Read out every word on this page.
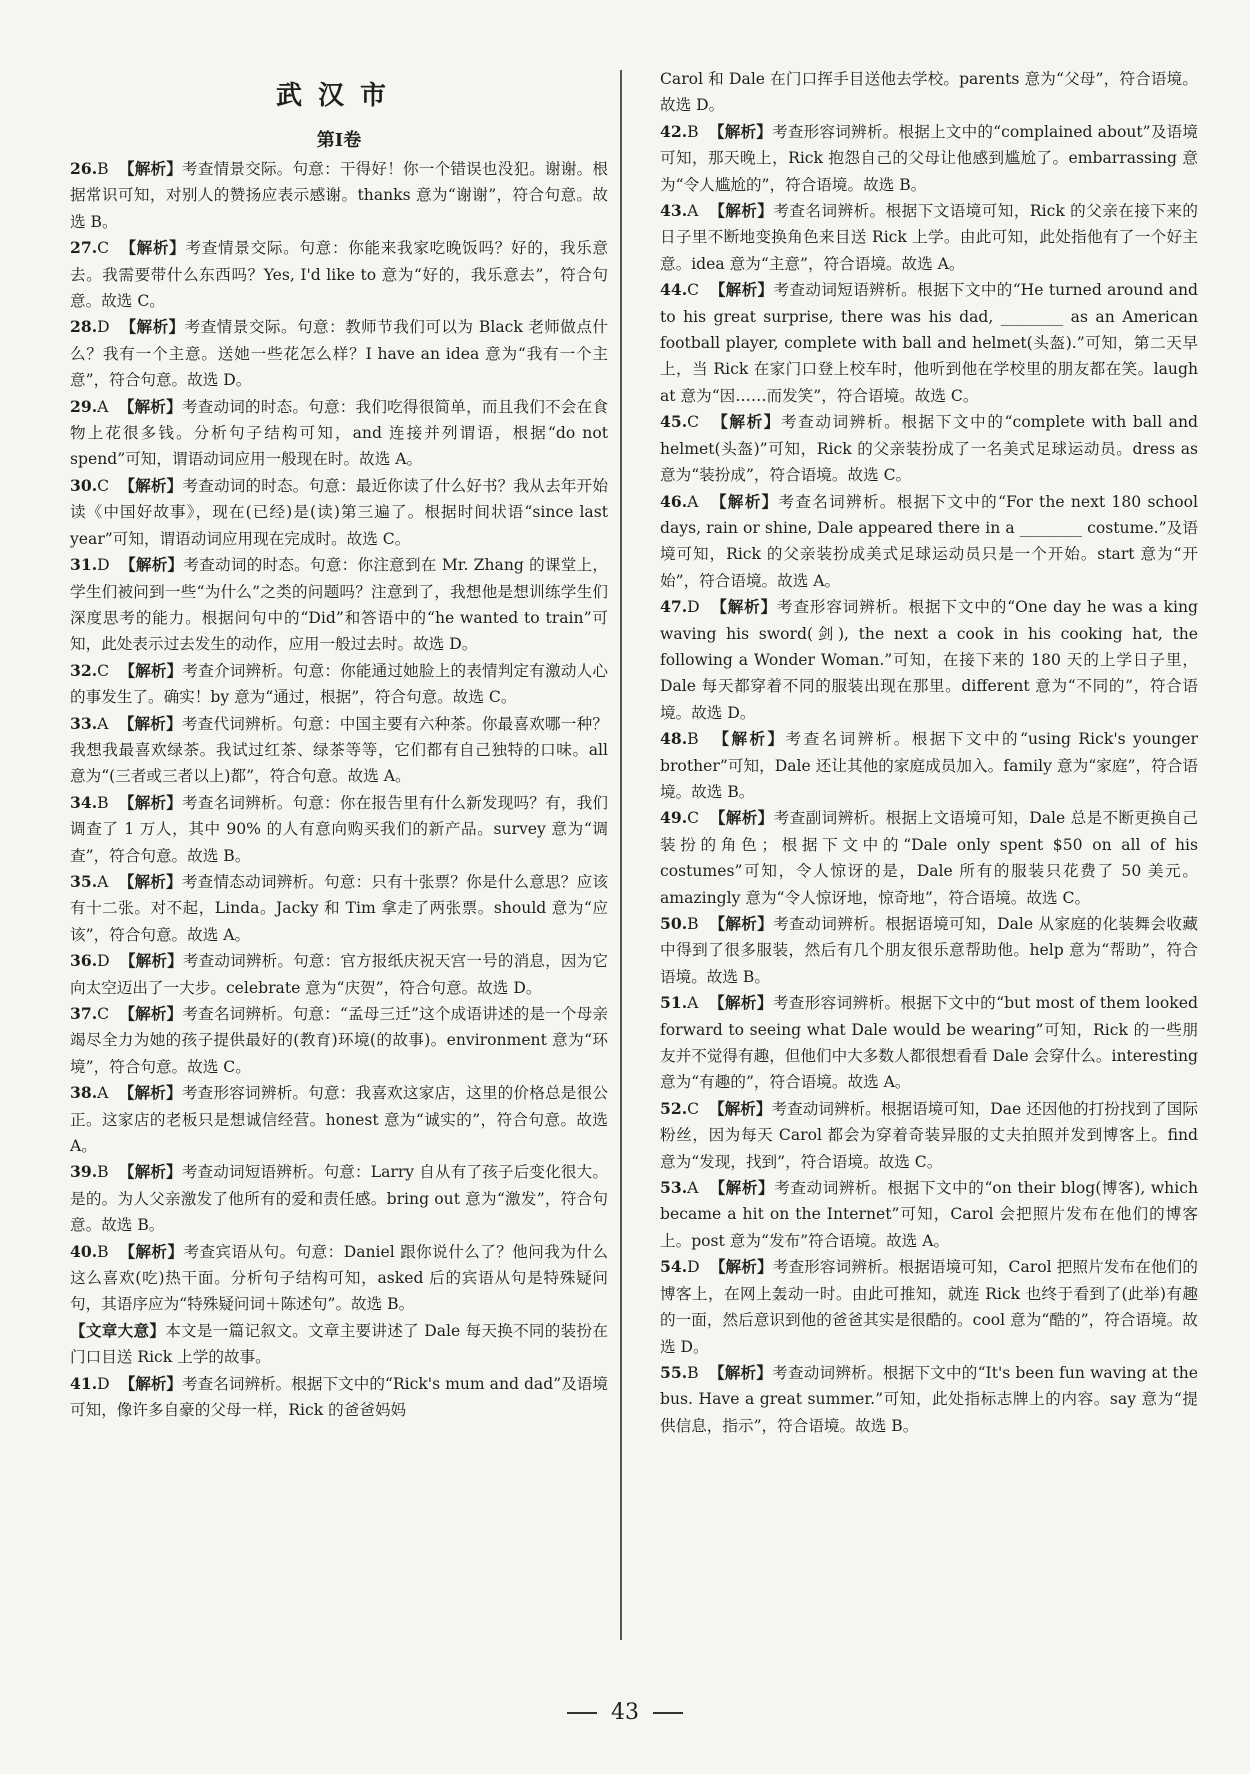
武汉市
第Ⅰ卷

26.B 【解析】考查情景交际。句意：干得好！你一个错误也没犯。谢谢。根据常识可知，对别人的赞扬应表示感谢。thanks 意为“谢谢”，符合句意。故选 B。

27.C 【解析】考查情景交际。句意：你能来我家吃晚饭吗？好的，我乐意去。我需要带什么东西吗？Yes, I'd like to 意为“好的，我乐意去”，符合句意。故选 C。

28.D 【解析】考查情景交际。句意：教师节我们可以为 Black 老师做点什么？我有一个主意。送她一些花怎么样？I have an idea 意为“我有一个主意”，符合句意。故选 D。

29.A 【解析】考查动词的时态。句意：我们吃得很简单，而且我们不会在食物上花很多钱。分析句子结构可知，and 连接并列谓语，根据“do not spend”可知，谓语动词应用一般现在时。故选 A。

30.C 【解析】考查动词的时态。句意：最近你读了什么好书？我从去年开始读《中国好故事》，现在(已经)是(读)第三遍了。根据时间状语“since last year”可知，谓语动词应用现在完成时。故选 C。

31.D 【解析】考查动词的时态。句意：你注意到在 Mr. Zhang 的课堂上，学生们被问到一些“为什么”之类的问题吗？注意到了，我想他是想训练学生们深度思考的能力。根据问句中的“Did”和答语中的“he wanted to train”可知，此处表示过去发生的动作，应用一般过去时。故选 D。

32.C 【解析】考查介词辨析。句意：你能通过她脸上的表情判定有激动人心的事发生了。确实！by 意为“通过，根据”，符合句意。故选 C。

33.A 【解析】考查代词辨析。句意：中国主要有六种茶。你最喜欢哪一种？我想我最喜欢绿茶。我试过红茶、绿茶等等，它们都有自己独特的口味。all 意为“(三者或三者以上)都”，符合句意。故选 A。

34.B 【解析】考查名词辨析。句意：你在报告里有什么新发现吗？有，我们调查了 1 万人，其中 90% 的人有意向购买我们的新产品。survey 意为“调查”，符合句意。故选 B。

35.A 【解析】考查情态动词辨析。句意：只有十张票？你是什么意思？应该有十二张。对不起，Linda。Jacky 和 Tim 拿走了两张票。should 意为“应该”，符合句意。故选 A。

36.D 【解析】考查动词辨析。句意：官方报纸庆祝天宫一号的消息，因为它向太空迈出了一大步。celebrate 意为“庆贺”，符合句意。故选 D。

37.C 【解析】考查名词辨析。句意：“孟母三迁”这个成语讲述的是一个母亲竭尽全力为她的孩子提供最好的(教育)环境(的故事)。environment 意为“环境”，符合句意。故选 C。

38.A 【解析】考查形容词辨析。句意：我喜欢这家店，这里的价格总是很公正。这家店的老板只是想诚信经营。honest 意为“诚实的”，符合句意。故选 A。

39.B 【解析】考查动词短语辨析。句意：Larry 自从有了孩子后变化很大。是的。为人父亲激发了他所有的爱和责任感。bring out 意为“激发”，符合句意。故选 B。

40.B 【解析】考查宾语从句。句意：Daniel 跟你说什么了？他问我为什么这么喜欢(吃)热干面。分析句子结构可知，asked 后的宾语从句是特殊疑问句，其语序应为“特殊疑问词＋陈述句”。故选 B。

【文章大意】本文是一篇记叙文。文章主要讲述了 Dale 每天换不同的装扮在门口目送 Rick 上学的故事。

41.D 【解析】考查名词辨析。根据下文中的“Rick's mum and dad”及语境可知，像许多自豪的父母一样，Rick 的爸爸妈妈

Carol 和 Dale 在门口挥手目送他去学校。parents 意为“父母”，符合语境。故选 D。

42.B 【解析】考查形容词辨析。根据上文中的“complained about”及语境可知，那天晚上，Rick 抱怨自己的父母让他感到尴尬了。embarrassing 意为“令人尴尬的”，符合语境。故选 B。

43.A 【解析】考查名词辨析。根据下文语境可知，Rick 的父亲在接下来的日子里不断地变换角色来目送 Rick 上学。由此可知，此处指他有了一个好主意。idea 意为“主意”，符合语境。故选 A。

44.C 【解析】考查动词短语辨析。根据下文中的“He turned around and to his great surprise, there was his dad, ________ as an American football player, complete with ball and helmet(头盔).”可知，第二天早上，当 Rick 在家门口登上校车时，他听到他在学校里的朋友都在笑。laugh at 意为“因……而发笑”，符合语境。故选 C。

45.C 【解析】考查动词辨析。根据下文中的“complete with ball and helmet(头盔)”可知，Rick 的父亲装扮成了一名美式足球运动员。dress as 意为“装扮成”，符合语境。故选 C。

46.A 【解析】考查名词辨析。根据下文中的“For the next 180 school days, rain or shine, Dale appeared there in a ________ costume.”及语境可知，Rick 的父亲装扮成美式足球运动员只是一个开始。start 意为“开始”，符合语境。故选 A。

47.D 【解析】考查形容词辨析。根据下文中的“One day he was a king waving his sword(剑), the next a cook in his cooking hat, the following a Wonder Woman.”可知，在接下来的 180 天的上学日子里，Dale 每天都穿着不同的服装出现在那里。different 意为“不同的”，符合语境。故选 D。

48.B 【解析】考查名词辨析。根据下文中的“using Rick's younger brother”可知，Dale 还让其他的家庭成员加入。family 意为“家庭”，符合语境。故选 B。

49.C 【解析】考查副词辨析。根据上文语境可知，Dale 总是不断更换自己装扮的角色；根据下文中的“Dale only spent $50 on all of his costumes”可知，令人惊讶的是，Dale 所有的服装只花费了 50 美元。amazingly 意为“令人惊讶地，惊奇地”，符合语境。故选 C。

50.B 【解析】考查动词辨析。根据语境可知，Dale 从家庭的化装舞会收藏中得到了很多服装，然后有几个朋友很乐意帮助他。help 意为“帮助”，符合语境。故选 B。

51.A 【解析】考查形容词辨析。根据下文中的“but most of them looked forward to seeing what Dale would be wearing”可知，Rick 的一些朋友并不觉得有趣，但他们中大多数人都很想看看 Dale 会穿什么。interesting 意为“有趣的”，符合语境。故选 A。

52.C 【解析】考查动词辨析。根据语境可知，Dae 还因他的打扮找到了国际粉丝，因为每天 Carol 都会为穿着奇装异服的丈夫拍照并发到博客上。find 意为“发现，找到”，符合语境。故选 C。

53.A 【解析】考查动词辨析。根据下文中的“on their blog(博客), which became a hit on the Internet”可知，Carol 会把照片发布在他们的博客上。post 意为“发布”符合语境。故选 A。

54.D 【解析】考查形容词辨析。根据语境可知，Carol 把照片发布在他们的博客上，在网上轰动一时。由此可推知，就连 Rick 也终于看到了(此举)有趣的一面，然后意识到他的爸爸其实是很酷的。cool 意为“酷的”，符合语境。故选 D。

55.B 【解析】考查动词辨析。根据下文中的“It's been fun waving at the bus. Have a great summer.”可知，此处指标志牌上的内容。say 意为“提供信息，指示”，符合语境。故选 B。

43
